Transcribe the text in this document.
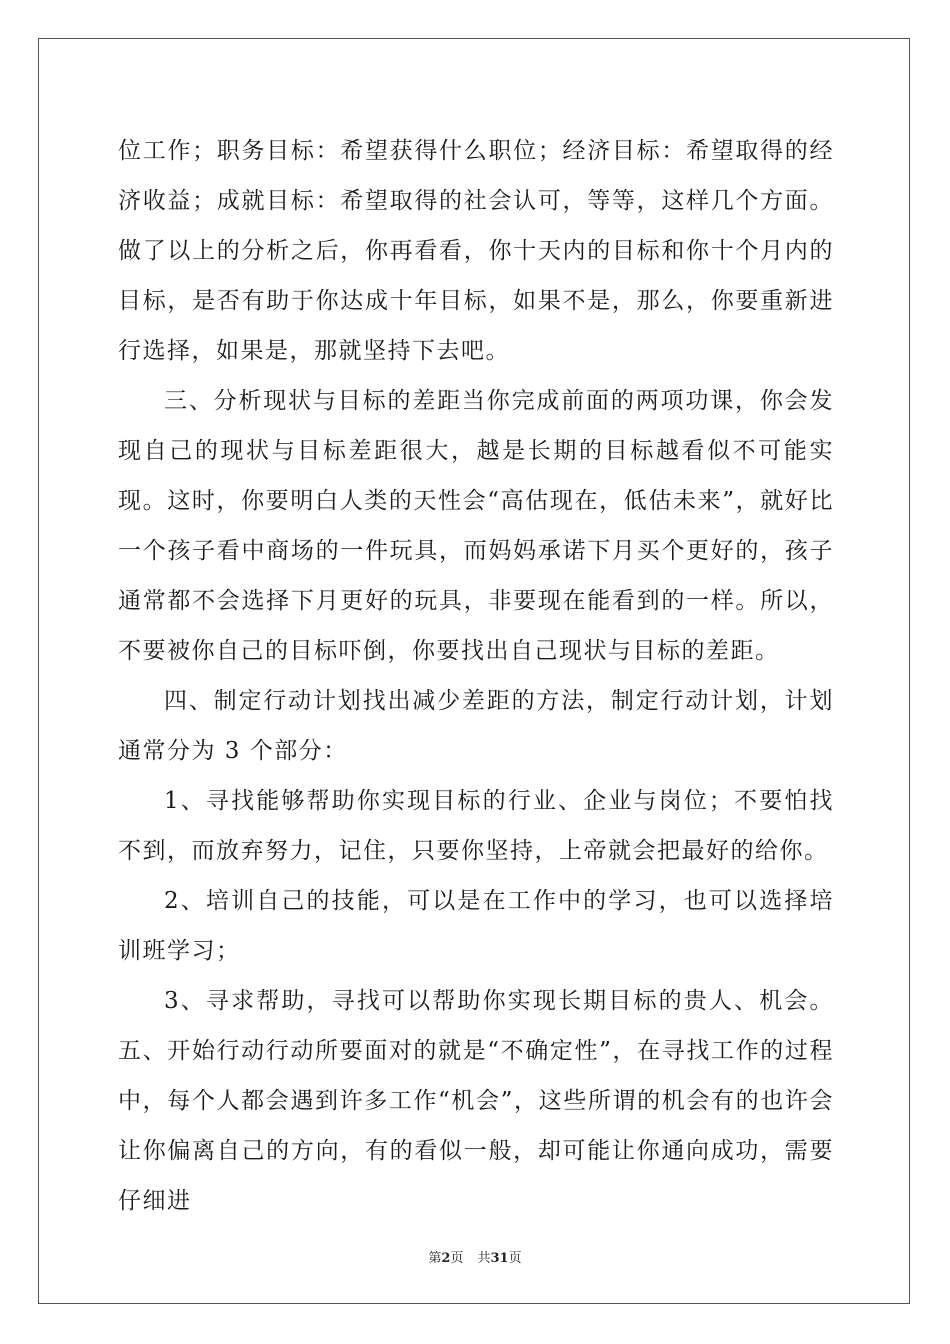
位工作；职务目标：希望获得什么职位；经济目标：希望取得的经济收益；成就目标：希望取得的社会认可，等等，这样几个方面。做了以上的分析之后，你再看看，你十天内的目标和你十个月内的目标，是否有助于你达成十年目标，如果不是，那么，你要重新进行选择，如果是，那就坚持下去吧。

三、分析现状与目标的差距当你完成前面的两项功课，你会发现自己的现状与目标差距很大，越是长期的目标越看似不可能实现。这时，你要明白人类的天性会“高估现在，低估未来”，就好比一个孩子看中商场的一件玩具，而妈妈承诺下月买个更好的，孩子通常都不会选择下月更好的玩具，非要现在能看到的一样。所以，不要被你自己的目标吓倒，你要找出自己现状与目标的差距。

四、制定行动计划找出减少差距的方法，制定行动计划，计划通常分为 3 个部分：

1、寻找能够帮助你实现目标的行业、企业与岗位；不要怕找不到，而放弃努力，记住，只要你坚持，上帝就会把最好的给你。

2、培训自己的技能，可以是在工作中的学习，也可以选择培训班学习；

3、寻求帮助，寻找可以帮助你实现长期目标的贵人、机会。五、开始行动行动所要面对的就是“不确定性”，在寻找工作的过程中，每个人都会遇到许多工作“机会”，这些所谓的机会有的也许会让你偏离自己的方向，有的看似一般，却可能让你通向成功，需要仔细进

第2页 共31页
